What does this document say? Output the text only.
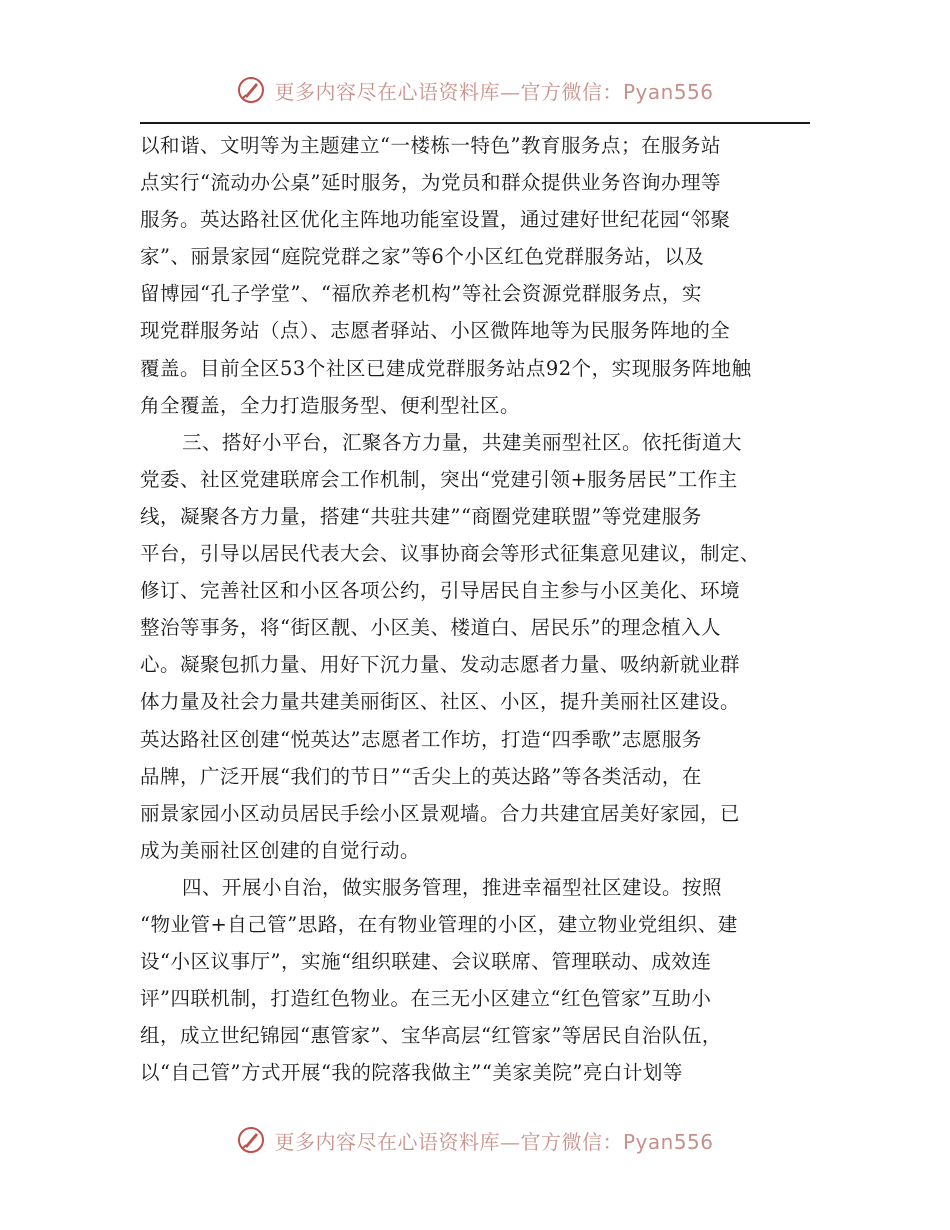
更多内容尽在心语资料库—官方微信：Pyan556
以和谐、文明等为主题建立“一楼栋一特色”教育服务点；在服务站
点实行“流动办公桌”延时服务，为党员和群众提供业务咨询办理等
服务。英达路社区优化主阵地功能室设置，通过建好世纪花园“邻聚
家”、丽景家园“庭院党群之家”等6个小区红色党群服务站，以及
留博园“孔子学堂”、“福欣养老机构”等社会资源党群服务点，实
现党群服务站（点）、志愿者驿站、小区微阵地等为民服务阵地的全
覆盖。目前全区53个社区已建成党群服务站点92个，实现服务阵地触
角全覆盖，全力打造服务型、便利型社区。
三、搭好小平台，汇聚各方力量，共建美丽型社区。依托街道大
党委、社区党建联席会工作机制，突出“党建引领+服务居民”工作主
线，凝聚各方力量，搭建“共驻共建”“商圈党建联盟”等党建服务
平台，引导以居民代表大会、议事协商会等形式征集意见建议，制定、
修订、完善社区和小区各项公约，引导居民自主参与小区美化、环境
整治等事务，将“街区靓、小区美、楼道白、居民乐”的理念植入人
心。凝聚包抓力量、用好下沉力量、发动志愿者力量、吸纳新就业群
体力量及社会力量共建美丽街区、社区、小区，提升美丽社区建设。
英达路社区创建“悦英达”志愿者工作坊，打造“四季歌”志愿服务
品牌，广泛开展“我们的节日”“舌尖上的英达路”等各类活动，在
丽景家园小区动员居民手绘小区景观墙。合力共建宜居美好家园，已
成为美丽社区创建的自觉行动。
四、开展小自治，做实服务管理，推进幸福型社区建设。按照
“物业管+自己管”思路，在有物业管理的小区，建立物业党组织、建
设“小区议事厅”，实施“组织联建、会议联席、管理联动、成效连
评”四联机制，打造红色物业。在三无小区建立“红色管家”互助小
组，成立世纪锦园“惠管家”、宝华高层“红管家”等居民自治队伍，
以“自己管”方式开展“我的院落我做主”“美家美院”亮白计划等
更多内容尽在心语资料库—官方微信：Pyan556
